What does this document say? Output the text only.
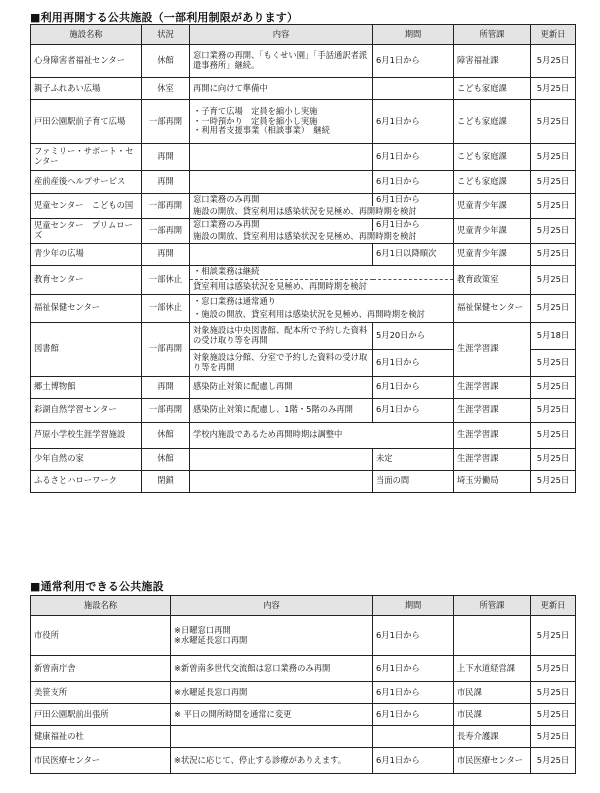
■利用再開する公共施設（一部利用制限があります）
施設名称	状況	内容	期間	所管課	更新日
心身障害者福祉センター	休館	窓口業務の再開、「もくせい園」「手話通訳者派遣事務所」継続。	6月1日から	障害福祉課	5月25日
親子ふれあい広場	休室	再開に向けて準備中		こども家庭課	5月25日
戸田公園駅前子育て広場	一部再開	・子育て広場　定員を縮小し実施
・一時預かり　定員を縮小し実施
・利用者支援事業（相談事業）　継続	6月1日から	こども家庭課	5月25日
ファミリー・サポート・センター	再開		6月1日から	こども家庭課	5月25日
産前産後ヘルプサービス	再開		6月1日から	こども家庭課	5月25日
児童センター　こどもの国	一部再開	窓口業務のみ再開	6月1日から	児童青少年課	5月25日
		施設の開放、貸室利用は感染状況を見極め、再開時期を検討			
児童センター　プリムローズ	一部再開	窓口業務のみ再開	6月1日から	児童青少年課	5月25日
		施設の開放、貸室利用は感染状況を見極め、再開時期を検討			
青少年の広場	再開		6月1日以降順次	児童青少年課	5月25日
教育センター	一部休止	・相談業務は継続		教育政策室	5月25日
		貸室利用は感染状況を見極め、再開時期を検討			
福祉保健センター	一部休止	・窓口業務は通常通り		福祉保健センター	5月25日
		・施設の開放、貸室利用は感染状況を見極め、再開時期を検討			
図書館	一部再開	対象施設は中央図書館、配本所で予約した資料の受け取り等を再開	5月20日から	生涯学習課	5月18日
		対象施設は分館、分室で予約した資料の受け取り等を再開	6月1日から		5月25日
郷土博物館	再開	感染防止対策に配慮し再開	6月1日から	生涯学習課	5月25日
彩湖自然学習センター	一部再開	感染防止対策に配慮し、1階・5階のみ再開	6月1日から	生涯学習課	5月25日
芦原小学校生涯学習施設	休館	学校内施設であるため再開時期は調整中		生涯学習課	5月25日
少年自然の家	休館		未定	生涯学習課	5月25日
ふるさとハローワーク	閉鎖		当面の間	埼玉労働局	5月25日
■通常利用できる公共施設
施設名称	内容	期間	所管課	更新日
市役所	※日曜窓口再開
※水曜延長窓口再開	6月1日から		5月25日
新曽南庁舎	※新曽南多世代交流館は窓口業務のみ再開	6月1日から	上下水道経営課	5月25日
美笹支所	※水曜延長窓口再開	6月1日から	市民課	5月25日
戸田公園駅前出張所	※ 平日の開所時間を通常に変更	6月1日から	市民課	5月25日
健康福祉の杜			長寿介護課	5月25日
市民医療センター	※状況に応じて、停止する診療がありえます。	6月1日から	市民医療センター	5月25日
